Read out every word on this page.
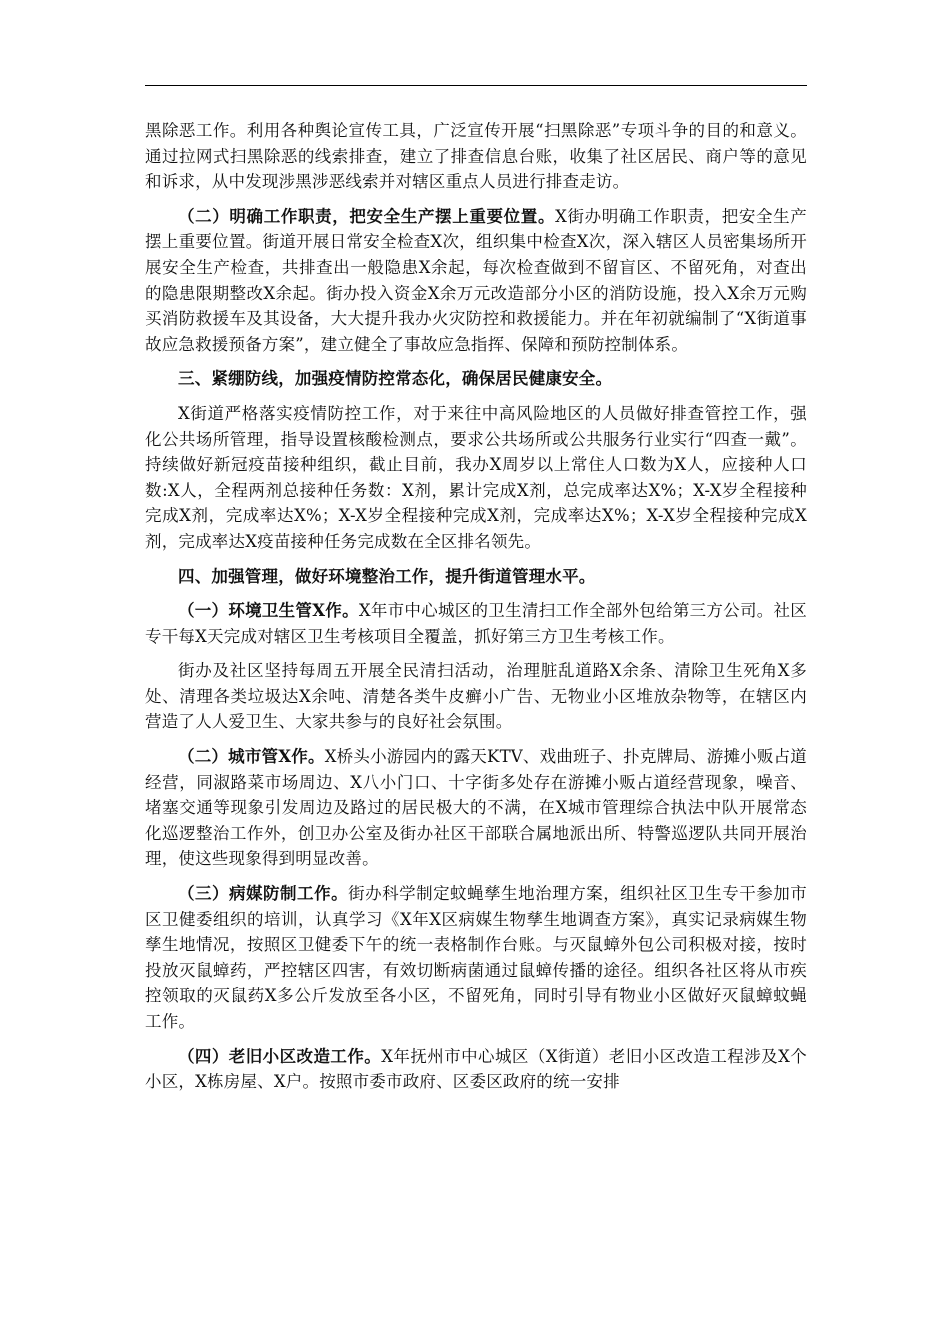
黑除恶工作。利用各种舆论宣传工具，广泛宣传开展“扫黑除恶”专项斗争的目的和意义。通过拉网式扫黑除恶的线索排查，建立了排查信息台账，收集了社区居民、商户等的意见和诉求，从中发现涉黑涉恶线索并对辖区重点人员进行排查走访。

（二）明确工作职责，把安全生产摆上重要位置。X街办明确工作职责，把安全生产摆上重要位置。街道开展日常安全检查X次，组织集中检查X次，深入辖区人员密集场所开展安全生产检查，共排查出一般隐患X余起，每次检查做到不留盲区、不留死角，对查出的隐患限期整改X余起。街办投入资金X余万元改造部分小区的消防设施，投入X余万元购买消防救援车及其设备，大大提升我办火灾防控和救援能力。并在年初就编制了“X街道事故应急救援预备方案”，建立健全了事故应急指挥、保障和预防控制体系。

三、紧绷防线，加强疫情防控常态化，确保居民健康安全。

X街道严格落实疫情防控工作，对于来往中高风险地区的人员做好排查管控工作，强化公共场所管理，指导设置核酸检测点，要求公共场所或公共服务行业实行“四查一戴”。持续做好新冠疫苗接种组织，截止目前，我办X周岁以上常住人口数为X人，应接种人口数:X人，全程两剂总接种任务数：X剂，累计完成X剂，总完成率达X%；X-X岁全程接种完成X剂，完成率达X%；X-X岁全程接种完成X剂，完成率达X%；X-X岁全程接种完成X剂，完成率达X疫苗接种任务完成数在全区排名领先。

四、加强管理，做好环境整治工作，提升街道管理水平。

（一）环境卫生管X作。X年市中心城区的卫生清扫工作全部外包给第三方公司。社区专干每X天完成对辖区卫生考核项目全覆盖，抓好第三方卫生考核工作。

街办及社区坚持每周五开展全民清扫活动，治理脏乱道路X余条、清除卫生死角X多处、清理各类垃圾达X余吨、清楚各类牛皮癣小广告、无物业小区堆放杂物等，在辖区内营造了人人爱卫生、大家共参与的良好社会氛围。

（二）城市管X作。X桥头小游园内的露天KTV、戏曲班子、扑克牌局、游摊小贩占道经营，同淑路菜市场周边、X八小门口、十字街多处存在游摊小贩占道经营现象，噪音、堵塞交通等现象引发周边及路过的居民极大的不满，在X城市管理综合执法中队开展常态化巡逻整治工作外，创卫办公室及街办社区干部联合属地派出所、特警巡逻队共同开展治理，使这些现象得到明显改善。

（三）病媒防制工作。街办科学制定蚊蝇孳生地治理方案，组织社区卫生专干参加市区卫健委组织的培训，认真学习《X年X区病媒生物孳生地调查方案》，真实记录病媒生物孳生地情况，按照区卫健委下午的统一表格制作台账。与灭鼠蟑外包公司积极对接，按时投放灭鼠蟑药，严控辖区四害，有效切断病菌通过鼠蟑传播的途径。组织各社区将从市疾控领取的灭鼠药X多公斤发放至各小区，不留死角，同时引导有物业小区做好灭鼠蟑蚊蝇工作。

（四）老旧小区改造工作。X年抚州市中心城区（X街道）老旧小区改造工程涉及X个小区，X栋房屋、X户。按照市委市政府、区委区政府的统一安排
